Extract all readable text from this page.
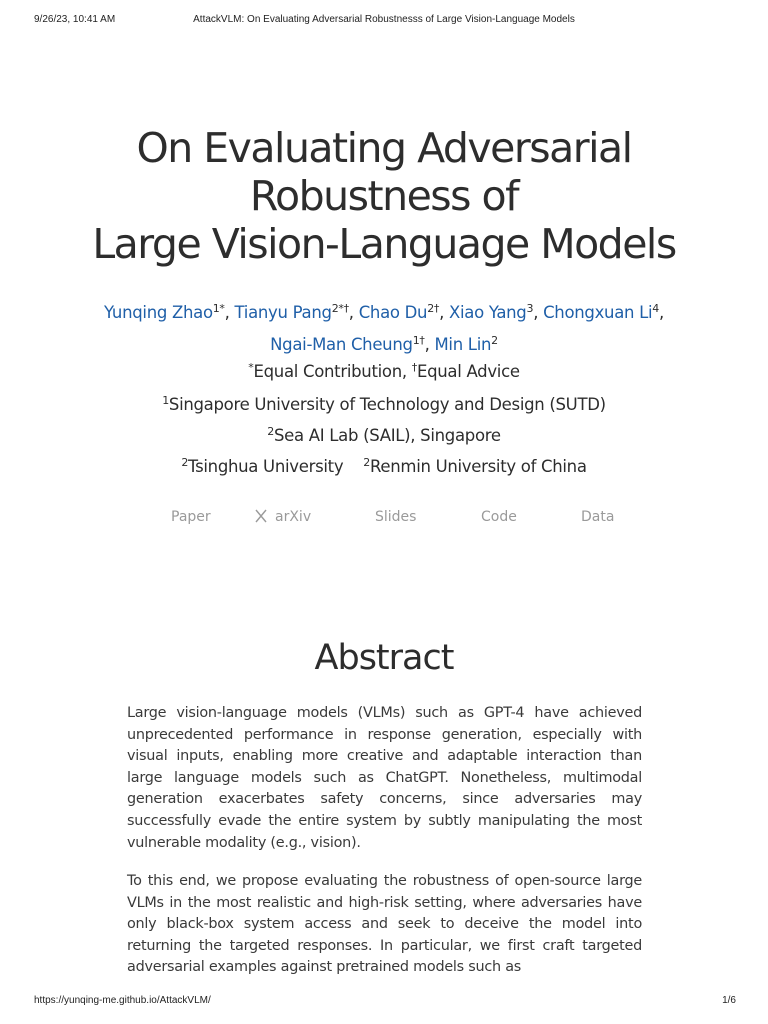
9/26/23, 10:41 AM	AttackVLM: On Evaluating Adversarial Robustnesss of Large Vision-Language Models
On Evaluating Adversarial
Robustness of
Large Vision-Language Models
Yunqing Zhao$^{1*}$, Tianyu Pang$^{2*\dagger}$, Chao $Du^{2\dagger}$, Xiao Yang$^3$, Chongxuan Li$^4$,
Ngai-Man Cheung$^{1\dagger}$, Min Lin$^2$
*Equal Contribution, †Equal Advice
$^1$Singapore University of Technology and Design (SUTD)
$^2$Sea AI Lab (SAIL), Singapore
$^2$Tsinghua University $^2$Renmin University of China
Paper	arXiv	Slides	Code	Data
Abstract

Large vision-language models (VLMs) such as GPT-4 have achieved unprecedented performance in response generation, especially with visual inputs, enabling more creative and adaptable interaction than large language models such as ChatGPT. Nonetheless, multimodal generation exacerbates safety concerns, since adversaries may successfully evade the entire system by subtly manipulating the most vulnerable modality (e.g., vision).

To this end, we propose evaluating the robustness of open-source large VLMs in the most realistic and high-risk setting, where adversaries have only black-box system access and seek to deceive the model into returning the targeted responses. In particular, we first craft targeted adversarial examples against pretrained models such as

https://yunqing-me.github.io/AttackVLM/	1/6
